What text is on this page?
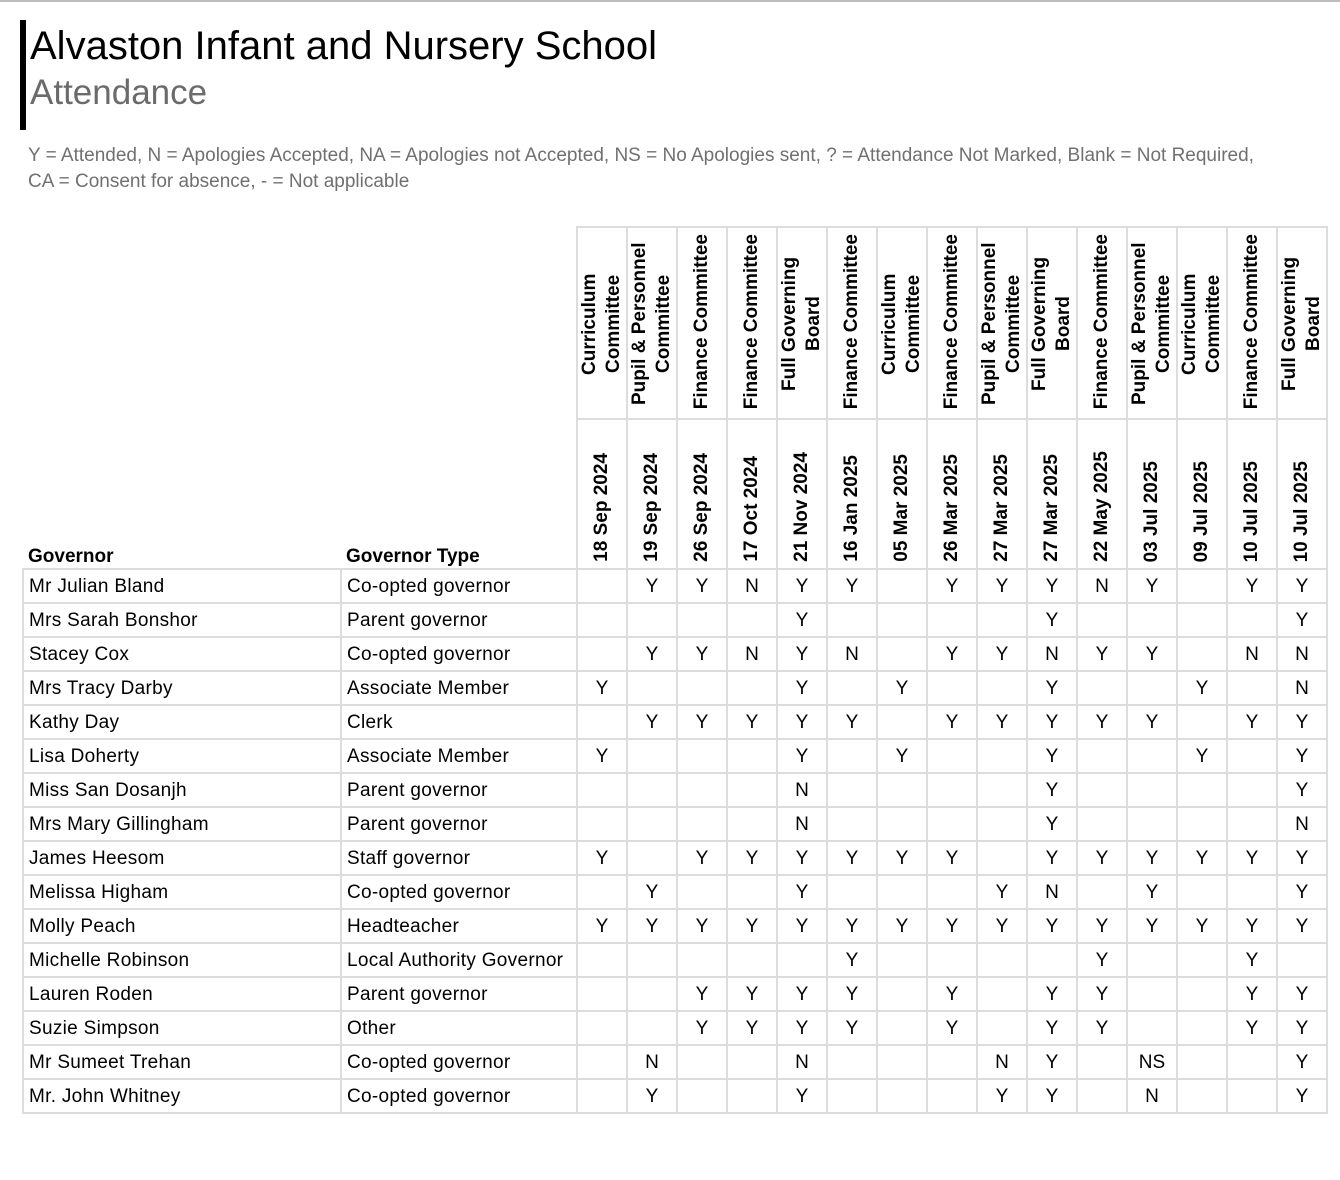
Alvaston Infant and Nursery School
Attendance
Y = Attended, N = Apologies Accepted, NA = Apologies not Accepted, NS = No Apologies sent, ? = Attendance Not Marked, Blank = Not Required,
CA = Consent for absence, - = Not applicable

		Curriculum Committee	Pupil & Personnel Committee	Finance Committee	Finance Committee	Full Governing Board	Finance Committee	Curriculum Committee	Finance Committee	Pupil & Personnel Committee	Full Governing Board	Finance Committee	Pupil & Personnel Committee	Curriculum Committee	Finance Committee	Full Governing Board

Governor	Governor Type	18 Sep 2024	19 Sep 2024	26 Sep 2024	17 Oct 2024	21 Nov 2024	16 Jan 2025	05 Mar 2025	26 Mar 2025	27 Mar 2025	27 Mar 2025	22 May 2025	03 Jul 2025	09 Jul 2025	10 Jul 2025	10 Jul 2025

Mr Julian Bland	Co-opted governor		Y	Y	N	Y	Y		Y	Y	Y	N	Y		Y	Y
Mrs Sarah Bonshor	Parent governor					Y					Y					Y
Stacey Cox	Co-opted governor		Y	Y	N	Y	N		Y	Y	N	Y	Y		N	N
Mrs Tracy Darby	Associate Member	Y				Y		Y			Y			Y		N
Kathy Day	Clerk		Y	Y	Y	Y	Y		Y	Y	Y	Y	Y		Y	Y
Lisa Doherty	Associate Member	Y				Y		Y			Y			Y		Y
Miss San Dosanjh	Parent governor					N					Y					Y
Mrs Mary Gillingham	Parent governor					N					Y					N
James Heesom	Staff governor	Y		Y	Y	Y	Y	Y	Y		Y	Y	Y	Y	Y	Y
Melissa Higham	Co-opted governor		Y			Y				Y	N		Y			Y
Molly Peach	Headteacher	Y	Y	Y	Y	Y	Y	Y	Y	Y	Y	Y	Y	Y	Y	Y
Michelle Robinson	Local Authority Governor						Y					Y			Y	
Lauren Roden	Parent governor			Y	Y	Y	Y		Y		Y	Y			Y	Y
Suzie Simpson	Other			Y	Y	Y	Y		Y		Y	Y			Y	Y
Mr Sumeet Trehan	Co-opted governor		N			N				N	Y		NS			Y
Mr. John Whitney	Co-opted governor		Y			Y				Y	Y		N			Y
